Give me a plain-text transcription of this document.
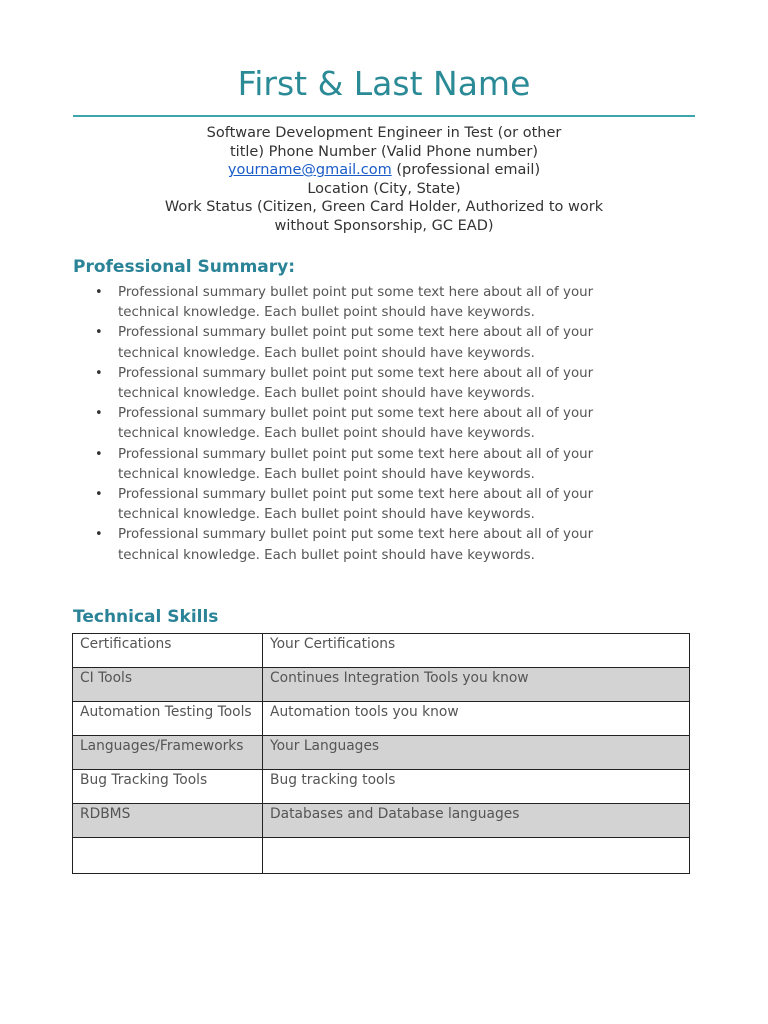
First & Last Name
Software Development Engineer in Test (or other
title) Phone Number (Valid Phone number)
yourname@gmail.com (professional email)
Location (City, State)
Work Status (Citizen, Green Card Holder, Authorized to work
without Sponsorship, GC EAD)
Professional Summary:
• Professional summary bullet point put some text here about all of your technical knowledge. Each bullet point should have keywords.
• Professional summary bullet point put some text here about all of your technical knowledge. Each bullet point should have keywords.
• Professional summary bullet point put some text here about all of your technical knowledge. Each bullet point should have keywords.
• Professional summary bullet point put some text here about all of your technical knowledge. Each bullet point should have keywords.
• Professional summary bullet point put some text here about all of your technical knowledge. Each bullet point should have keywords.
• Professional summary bullet point put some text here about all of your technical knowledge. Each bullet point should have keywords.
• Professional summary bullet point put some text here about all of your technical knowledge. Each bullet point should have keywords.
Technical Skills
Certifications	Your Certifications
CI Tools	Continues Integration Tools you know
Automation Testing Tools	Automation tools you know
Languages/Frameworks	Your Languages
Bug Tracking Tools	Bug tracking tools
RDBMS	Databases and Database languages
